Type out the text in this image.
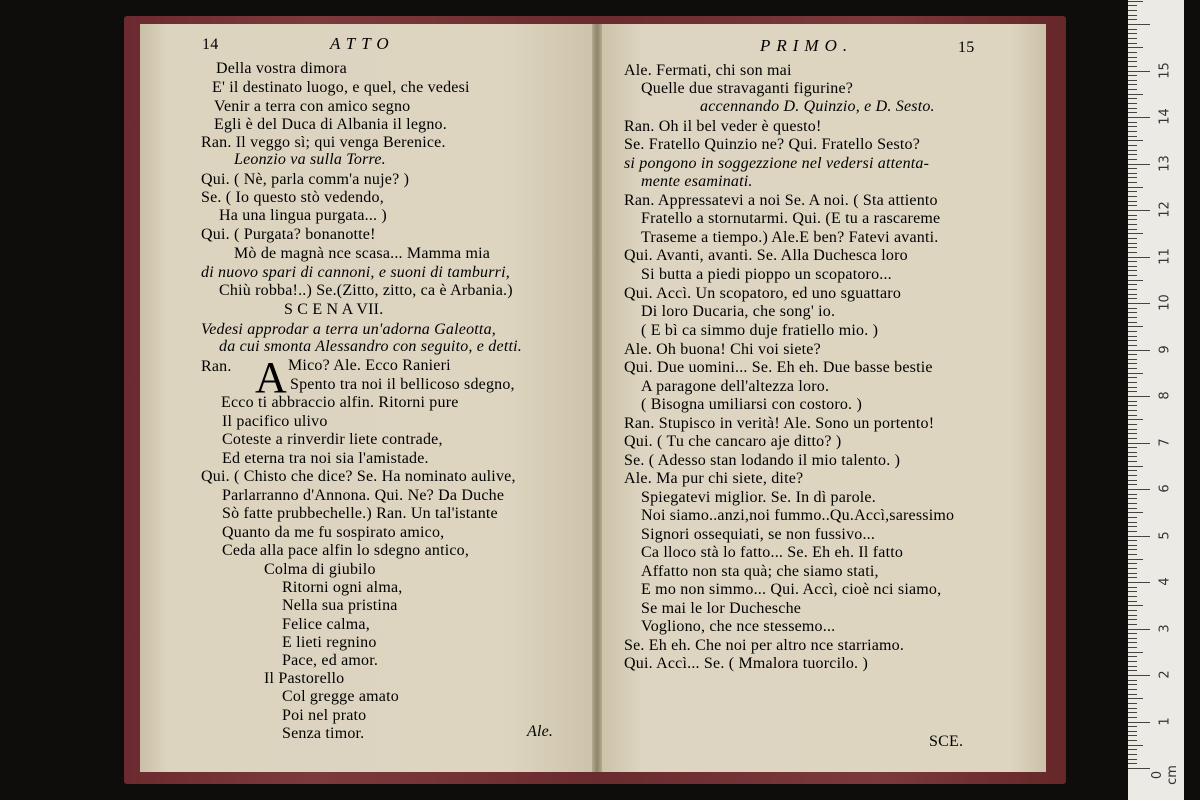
14	ATTO	PRIMO.	15
A
Della vostra dimora
E' il destinato luogo, e quel, che vedesi
Venir a terra con amico segno
Egli è del Duca di Albania il legno.
Ran. Il veggo sì; qui venga Berenice.
Leonzio va sulla Torre.
Qui. ( Nè, parla comm'a nuje? )
Se. ( Io questo stò vedendo,
Ha una lingua purgata... )
Qui. ( Purgata? bonanotte!
Mò de magnà nce scasa... Mamma mia
di nuovo spari di cannoni, e suoni di tamburri,
Chiù robba!..) Se.(Zitto, zitto, ca è Arbania.)
S C E N A VII.
Vedesi approdar a terra un'adorna Galeotta,
da cui smonta Alessandro con seguito, e detti.
Ran.	Mico? Ale. Ecco Ranieri
Spento tra noi il bellicoso sdegno,
Ecco ti abbraccio alfin. Ritorni pure
Il pacifico ulivo
Coteste a rinverdir liete contrade,
Ed eterna tra noi sia l'amistade.
Qui. ( Chisto che dice? Se. Ha nominato aulive,
Parlarranno d'Annona. Qui. Ne? Da Duche
Sò fatte prubbechelle.) Ran. Un tal'istante
Quanto da me fu sospirato amico,
Ceda alla pace alfin lo sdegno antico,
Colma di giubilo
Ritorni ogni alma,
Nella sua pristina
Felice calma,
E lieti regnino
Pace, ed amor.
Il Pastorello
Col gregge amato
Poi nel prato
Senza timor.	Ale.
Ale. Fermati, chi son mai
Quelle due stravaganti figurine?
accennando D. Quinzio, e D. Sesto.
Ran. Oh il bel veder è questo!
Se. Fratello Quinzio ne? Qui. Fratello Sesto?
si pongono in soggezzione nel vedersi attenta-
mente esaminati.
Ran. Appressatevi a noi Se. A noi. ( Sta attiento
Fratello a stornutarmi. Qui. (E tu a rascareme
Traseme a tiempo.) Ale.E ben? Fatevi avanti.
Qui. Avanti, avanti. Se. Alla Duchesca loro
Si butta a piedi pioppo un scopatoro...
Qui. Accì. Un scopatoro, ed uno sguattaro
Di loro Ducaria, che song' io.
( E bì ca simmo duje fratiello mio. )
Ale. Oh buona! Chi voi siete?
Qui. Due uomini... Se. Eh eh. Due basse bestie
A paragone dell'altezza loro.
( Bisogna umiliarsi con costoro. )
Ran. Stupisco in verità! Ale. Sono un portento!
Qui. ( Tu che cancaro aje ditto? )
Se. ( Adesso stan lodando il mio talento. )
Ale. Ma pur chi siete, dite?
Spiegatevi miglior. Se. In dì parole.
Noi siamo..anzi,noi fummo..Qu.Accì,saressimo
Signori ossequiati, se non fussivo...
Ca lloco stà lo fatto... Se. Eh eh. Il fatto
Affatto non sta quà; che siamo stati,
E mo non simmo... Qui. Accì, cioè nci siamo,
Se mai le lor Duchesche
Vogliono, che nce stessemo...
Se. Eh eh. Che noi per altro nce starriamo.
Qui. Accì... Se. ( Mmalora tuorcilo. )
SCE.
0 cm
1
2
3
4
5
6
7
8
9
10
11
12
13
14
15
